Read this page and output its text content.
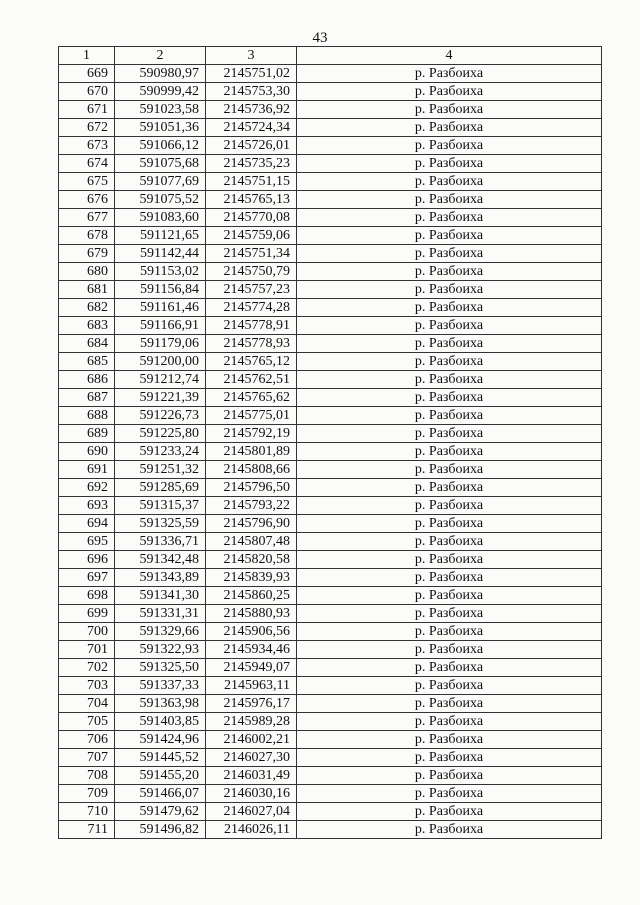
43
1	2	3	4
669	590980,97	2145751,02	р. Разбоиха
670	590999,42	2145753,30	р. Разбоиха
671	591023,58	2145736,92	р. Разбоиха
672	591051,36	2145724,34	р. Разбоиха
673	591066,12	2145726,01	р. Разбоиха
674	591075,68	2145735,23	р. Разбоиха
675	591077,69	2145751,15	р. Разбоиха
676	591075,52	2145765,13	р. Разбоиха
677	591083,60	2145770,08	р. Разбоиха
678	591121,65	2145759,06	р. Разбоиха
679	591142,44	2145751,34	р. Разбоиха
680	591153,02	2145750,79	р. Разбоиха
681	591156,84	2145757,23	р. Разбоиха
682	591161,46	2145774,28	р. Разбоиха
683	591166,91	2145778,91	р. Разбоиха
684	591179,06	2145778,93	р. Разбоиха
685	591200,00	2145765,12	р. Разбоиха
686	591212,74	2145762,51	р. Разбоиха
687	591221,39	2145765,62	р. Разбоиха
688	591226,73	2145775,01	р. Разбоиха
689	591225,80	2145792,19	р. Разбоиха
690	591233,24	2145801,89	р. Разбоиха
691	591251,32	2145808,66	р. Разбоиха
692	591285,69	2145796,50	р. Разбоиха
693	591315,37	2145793,22	р. Разбоиха
694	591325,59	2145796,90	р. Разбоиха
695	591336,71	2145807,48	р. Разбоиха
696	591342,48	2145820,58	р. Разбоиха
697	591343,89	2145839,93	р. Разбоиха
698	591341,30	2145860,25	р. Разбоиха
699	591331,31	2145880,93	р. Разбоиха
700	591329,66	2145906,56	р. Разбоиха
701	591322,93	2145934,46	р. Разбоиха
702	591325,50	2145949,07	р. Разбоиха
703	591337,33	2145963,11	р. Разбоиха
704	591363,98	2145976,17	р. Разбоиха
705	591403,85	2145989,28	р. Разбоиха
706	591424,96	2146002,21	р. Разбоиха
707	591445,52	2146027,30	р. Разбоиха
708	591455,20	2146031,49	р. Разбоиха
709	591466,07	2146030,16	р. Разбоиха
710	591479,62	2146027,04	р. Разбоиха
711	591496,82	2146026,11	р. Разбоиха
